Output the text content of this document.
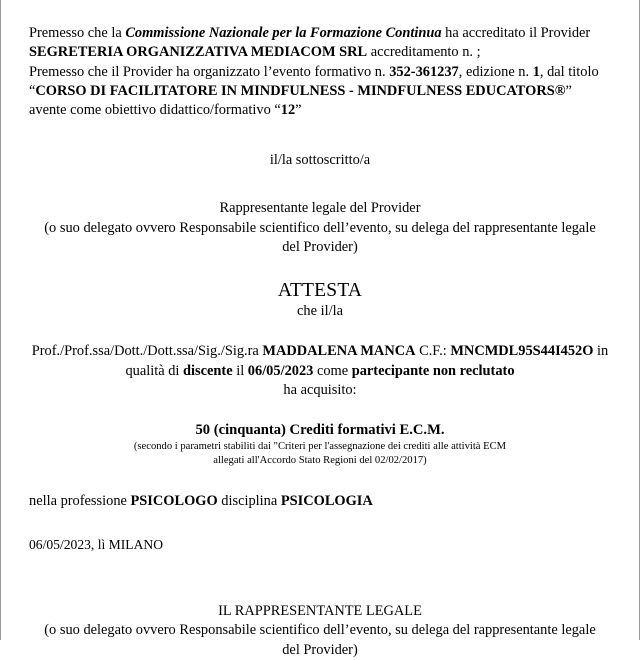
Premesso che la Commissione Nazionale per la Formazione Continua ha accreditato il Provider SEGRETERIA ORGANIZZATIVA MEDIACOM SRL accreditamento n. ;
Premesso che il Provider ha organizzato l’evento formativo n. 352-361237, edizione n. 1, dal titolo “CORSO DI FACILITATORE IN MINDFULNESS - MINDFULNESS EDUCATORS®”
avente come obiettivo didattico/formativo “12”

il/la sottoscritto/a

Rappresentante legale del Provider
(o suo delegato ovvero Responsabile scientifico dell’evento, su delega del rappresentante legale
del Provider)

ATTESTA

che il/la

Prof./Prof.ssa/Dott./Dott.ssa/Sig./Sig.ra MADDALENA MANCA C.F.: MNCMDL95S44I452O in qualità di discente il 06/05/2023 come partecipante non reclutato
ha acquisito:

50 (cinquanta) Crediti formativi E.C.M.

(secondo i parametri stabiliti dai "Criteri per l'assegnazione dei crediti alle attività ECM
allegati all'Accordo Stato Regioni del 02/02/2017)

nella professione PSICOLOGO disciplina PSICOLOGIA

06/05/2023, lì MILANO

IL RAPPRESENTANTE LEGALE

(o suo delegato ovvero Responsabile scientifico dell’evento, su delega del rappresentante legale
del Provider)
